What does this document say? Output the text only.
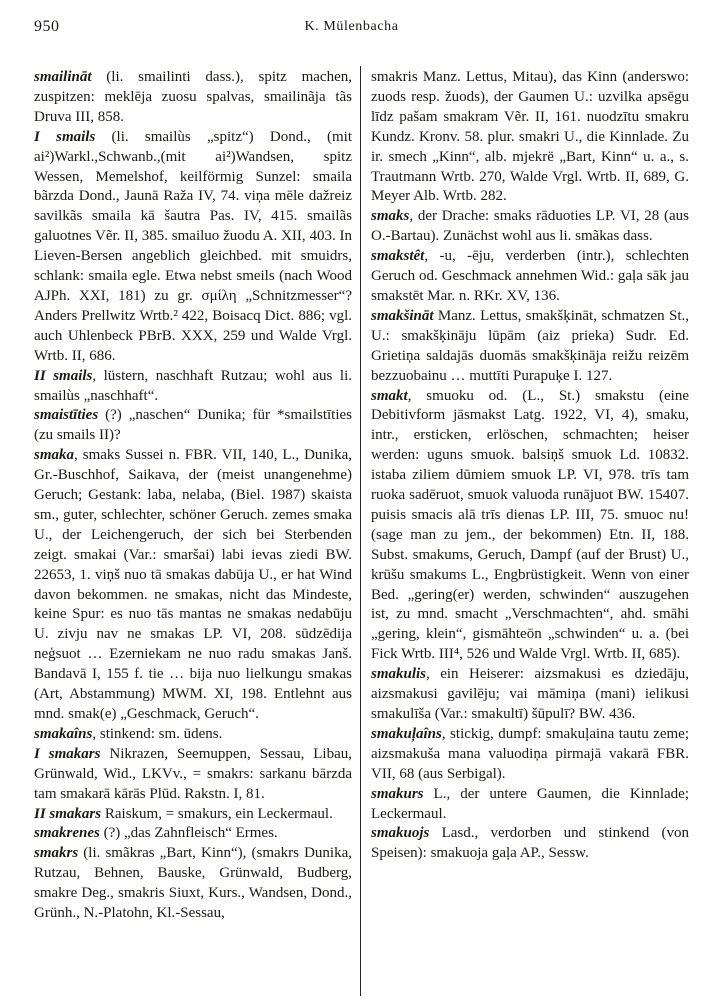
950	K. Mülenbacha

smailināt (li. smailinti dass.), spitz machen, zuspitzen: meklēja zuosu spalvas, smailinãja tãs Druva III, 858.

I smails (li. smailùs „spitz“) Dond., (mit ai²)Warkl.,Schwanb.,(mit ai²)Wandsen, spitz Wessen, Memelshof, keilförmig Sunzel: smaila bãrzda Dond., Jaunā Raža IV, 74. viņa mēle dažreiz savilkãs smaila kā šautra Pas. IV, 415. smailãs galuotnes Vẽr. II, 385. smailuo žuodu A. XII, 403. In Lieven-Bersen angeblich gleichbed. mit smuidrs, schlank: smaila egle. Etwa nebst smeils (nach Wood AJPh. XXI, 181) zu gr. σμίλη „Schnitzmesser“? Anders Prellwitz Wrtb.² 422, Boisacq Dict. 886; vgl. auch Uhlenbeck PBrB. XXX, 259 und Walde Vrgl. Wrtb. II, 686.

II smails, lüstern, naschhaft Rutzau; wohl aus li. smailùs „naschhaft“.

smaistīties (?) „naschen“ Dunika; für *smailstīties (zu smails II)?

smaka, smaks Sussei n. FBR. VII, 140, L., Dunika, Gr.-Buschhof, Saikava, der (meist unangenehme) Geruch; Gestank: laba, nelaba, (Biel. 1987) skaista sm., guter, schlechter, schöner Geruch. zemes smaka U., der Leichengeruch, der sich bei Sterbenden zeigt. smakai (Var.: smaršai) labi ievas ziedi BW. 22653, 1. viņš nuo tā smakas dabūja U., er hat Wind davon bekommen. ne smakas, nicht das Mindeste, keine Spur: es nuo tās mantas ne smakas nedabūju U. zivju nav ne smakas LP. VI, 208. sūdzēdija neģsuot … Ezerniekam ne nuo radu smakas Janš. Bandavā I, 155 f. tie … bija nuo lielkungu smakas (Art, Abstammung) MWM. XI, 198. Entlehnt aus mnd. smak(e) „Geschmack, Geruch“.

smakaîns, stinkend: sm. ūdens.

I smakars Nikrazen, Seemuppen, Sessau, Libau, Grünwald, Wid., LKVv., = smakrs: sarkanu bārzda tam smakarā kārās Plūd. Rakstn. I, 81.

II smakars Raiskum, = smakurs, ein Leckermaul.

smakrenes (?) „das Zahnfleisch“ Ermes.

smakrs (li. smãkras „Bart, Kinn“), (smakrs Dunika, Rutzau, Behnen, Bauske, Grünwald, Budberg, smakre Deg., smakris Siuxt, Kurs., Wandsen, Dond., Grünh., N.-Platohn, Kl.-Sessau,

smakris Manz. Lettus, Mitau), das Kinn (anderswo: zuods resp. žuods), der Gaumen U.: uzvilka apsēgu līdz pašam smakram Vẽr. II, 161. nuodzītu smakru Kundz. Kronv. 58. plur. smakri U., die Kinnlade. Zu ir. smech „Kinn“, alb. mjekrë „Bart, Kinn“ u. a., s. Trautmann Wrtb. 270, Walde Vrgl. Wrtb. II, 689, G. Meyer Alb. Wrtb. 282.

smaks, der Drache: smaks rāduoties LP. VI, 28 (aus O.-Bartau). Zunächst wohl aus li. smãkas dass.

smakstêt, -u, -ēju, verderben (intr.), schlechten Geruch od. Geschmack annehmen Wid.: gaļa sāk jau smakstēt Mar. n. RKr. XV, 136.

smakšināt Manz. Lettus, smakšķināt, schmatzen St., U.: smakšķināju lūpām (aiz prieka) Sudr. Ed. Grietiņa saldajās duomās smakšķināja reižu reizēm bezzuobainu … muttīti Purapuķe I. 127.

smakt, smuoku od. (L., St.) smakstu (eine Debitivform jāsmakst Latg. 1922, VI, 4), smaku, intr., ersticken, erlöschen, schmachten; heiser werden: uguns smuok. balsiņš smuok Ld. 10832. istaba ziliem dūmiem smuok LP. VI, 978. trīs tam ruoka sadēruot, smuok valuoda runājuot BW. 15407. puisis smacis alā trīs dienas LP. III, 75. smuoc nu! (sage man zu jem., der bekommen) Etn. II, 188. Subst. smakums, Geruch, Dampf (auf der Brust) U., krūšu smakums L., Engbrüstigkeit. Wenn von einer Bed. „gering(er) werden, schwinden“ auszugehen ist, zu mnd. smacht „Verschmachten“, ahd. smāhi „gering, klein“, gismāhteōn „schwinden“ u. a. (bei Fick Wrtb. III⁴, 526 und Walde Vrgl. Wrtb. II, 685).

smakulis, ein Heiserer: aizsmakusi es dziedāju, aizsmakusi gavilēju; vai māmiņa (mani) ielikusi smakulīša (Var.: smakultī) šūpulī? BW. 436.

smakuļaîns, stickig, dumpf: smakuļaina tautu zeme; aizsmakuša mana valuodiņa pirmajā vakarā FBR. VII, 68 (aus Serbigal).

smakurs L., der untere Gaumen, die Kinnlade; Leckermaul.

smakuojs Lasd., verdorben und stinkend (von Speisen): smakuoja gaļa AP., Sessw.
